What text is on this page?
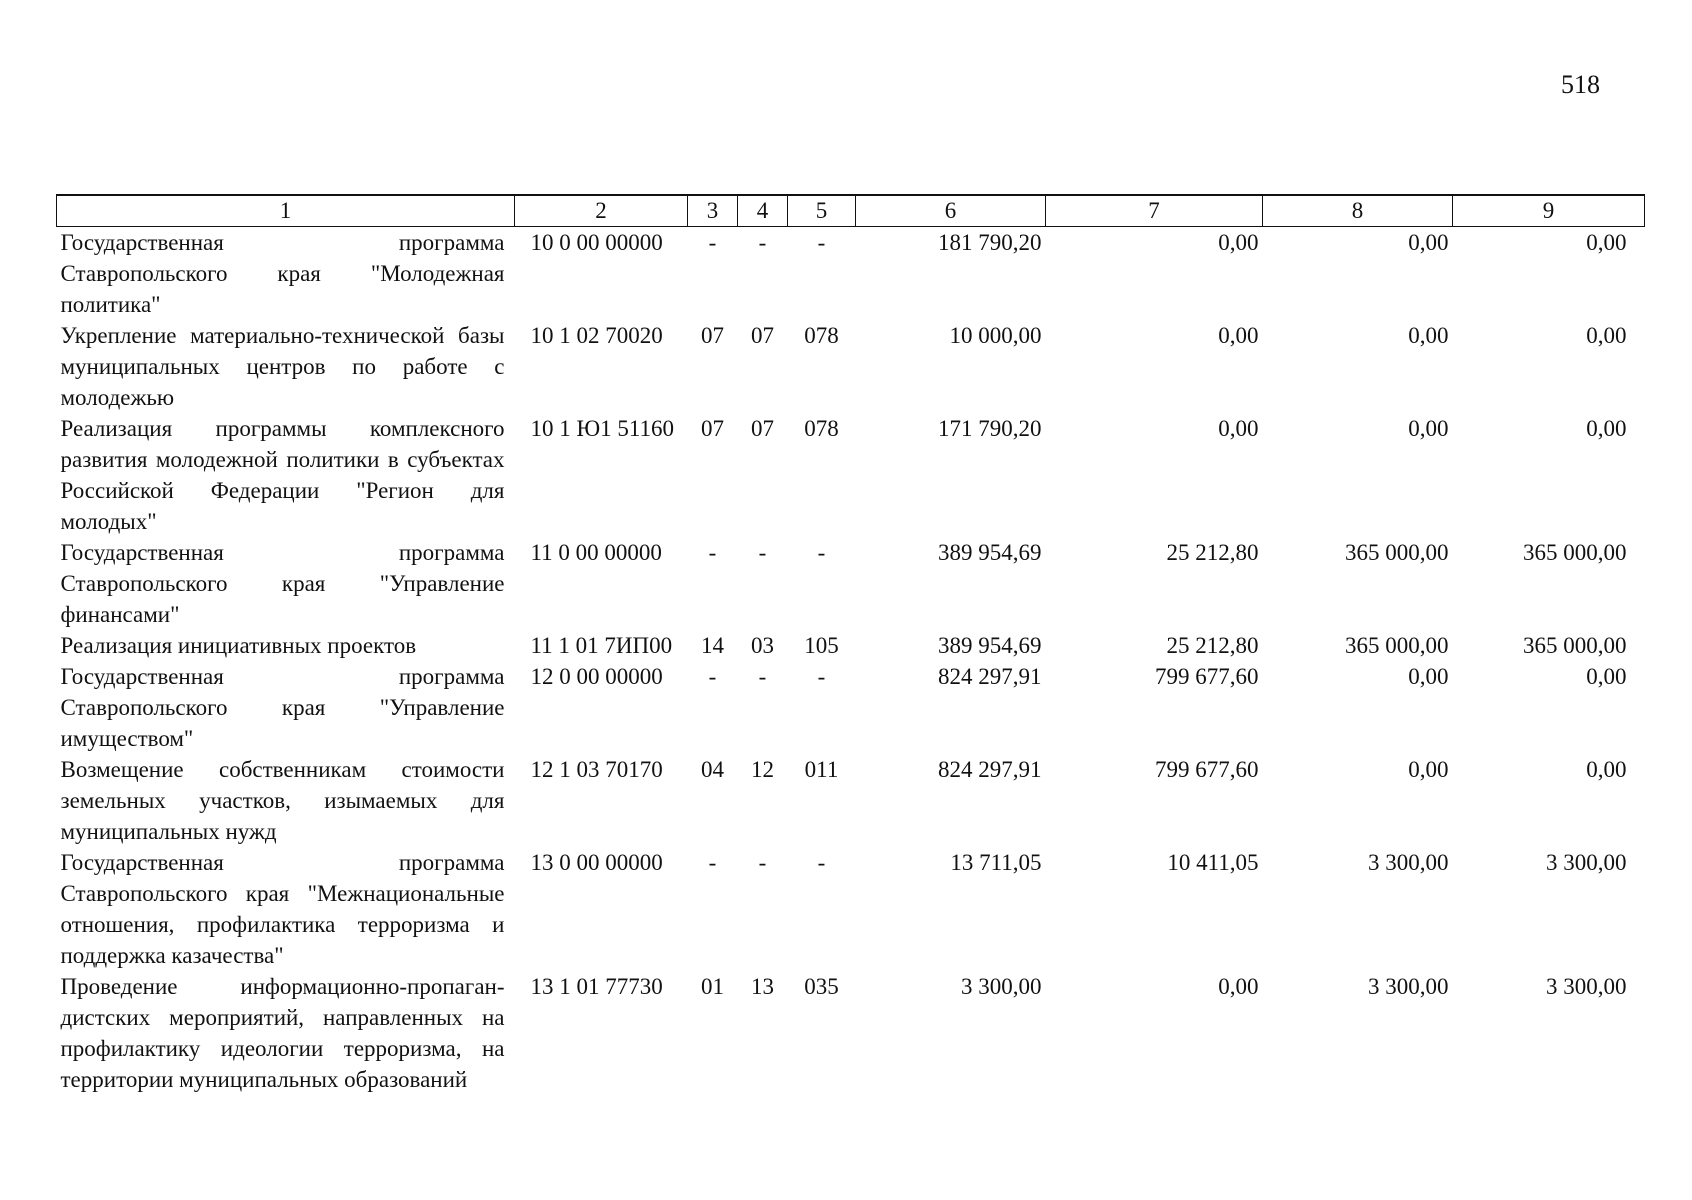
518
1	2	3	4	5	6	7	8	9
Государственная программа Ставропольского края "Молодежная политика"	10 0 00 00000	-	-	-	181 790,20	0,00	0,00	0,00
Укрепление материально-технической базы муниципальных центров по работе с молодежью	10 1 02 70020	07	07	078	10 000,00	0,00	0,00	0,00
Реализация программы комплексного развития молодежной политики в субъектах Российской Федерации "Регион для молодых"	10 1 Ю1 51160	07	07	078	171 790,20	0,00	0,00	0,00
Государственная программа Ставропольского края "Управление финансами"	11 0 00 00000	-	-	-	389 954,69	25 212,80	365 000,00	365 000,00
Реализация инициативных проектов	11 1 01 7ИП00	14	03	105	389 954,69	25 212,80	365 000,00	365 000,00
Государственная программа Ставропольского края "Управление имуществом"	12 0 00 00000	-	-	-	824 297,91	799 677,60	0,00	0,00
Возмещение собственникам стоимости земельных участков, изымаемых для муниципальных нужд	12 1 03 70170	04	12	011	824 297,91	799 677,60	0,00	0,00
Государственная программа Ставропольского края "Межнациональные отношения, профилактика терроризма и поддержка казачества"	13 0 00 00000	-	-	-	13 711,05	10 411,05	3 300,00	3 300,00
Проведение информационно-пропаган- дистских мероприятий, направленных на профилактику идеологии терроризма, на территории муниципальных образований	13 1 01 77730	01	13	035	3 300,00	0,00	3 300,00	3 300,00
